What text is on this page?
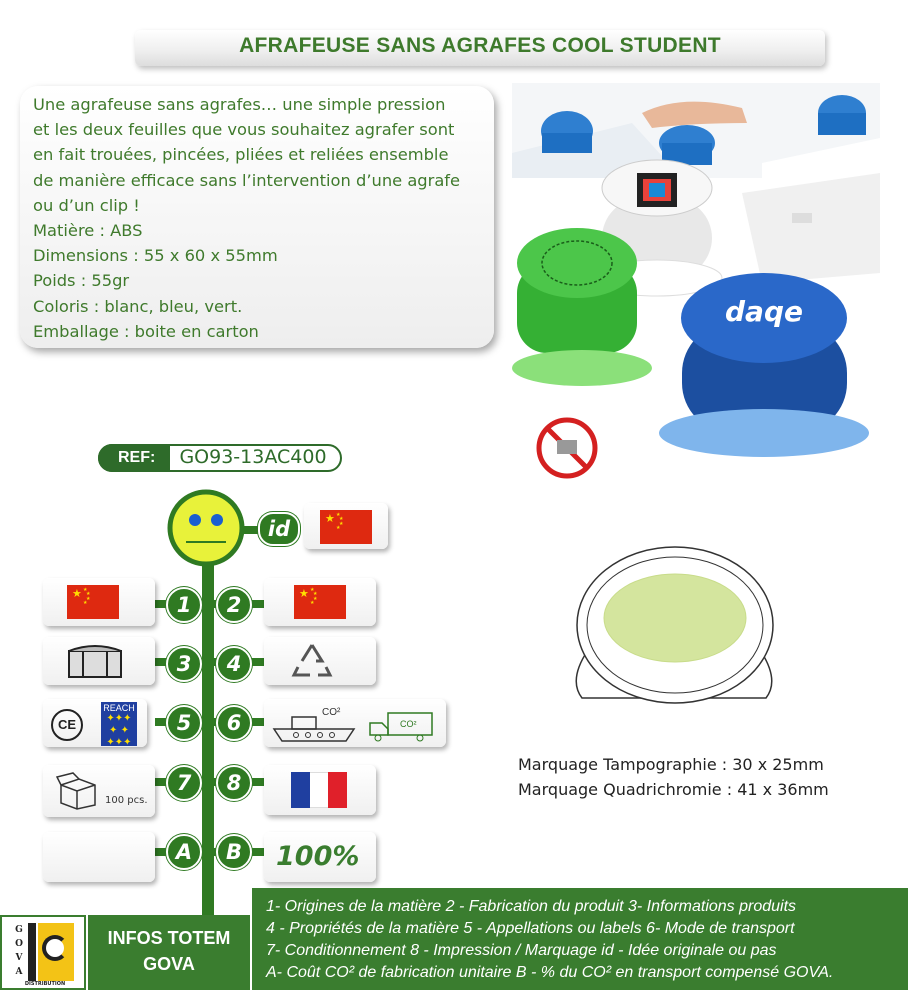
AFRAFEUSE SANS AGRAFES COOL STUDENT
Une agrafeuse sans agrafes… une simple pression
et les deux feuilles que vous souhaitez agrafer sont
en fait trouées, pincées, pliées et reliées ensemble
de manière efficace sans l’intervention d’une agrafe
ou d’un clip !
Matière : ABS
Dimensions : 55 x 60 x 55mm
Poids : 55gr
Coloris : blanc, bleu, vert.
Emballage : boite en carton
daqe
REF:	GO93-13AC400
id	★ ★
★
★
★
★ ★
★
★
★	1	2	★ ★
★
★
★
3	4
CE
REACH
✦✦✦
✦ ✦
✦✦✦
5	6	CO²
CO²
100 pcs.
7	8
A	B	100%
Marquage Tampographie : 30 x 25mm
Marquage Quadrichromie : 41 x 36mm
1- Origines de la matière 2 - Fabrication du produit 3- Informations produits
4 - Propriétés de la matière 5 - Appellations ou labels 6- Mode de transport
7- Conditionnement 8 - Impression / Marquage id - Idée originale ou pas
A- Coût CO² de fabrication unitaire B - % du CO² en transport compensé GOVA.
INFOS TOTEM
GOVA
GOVA
DISTRIBUTION
